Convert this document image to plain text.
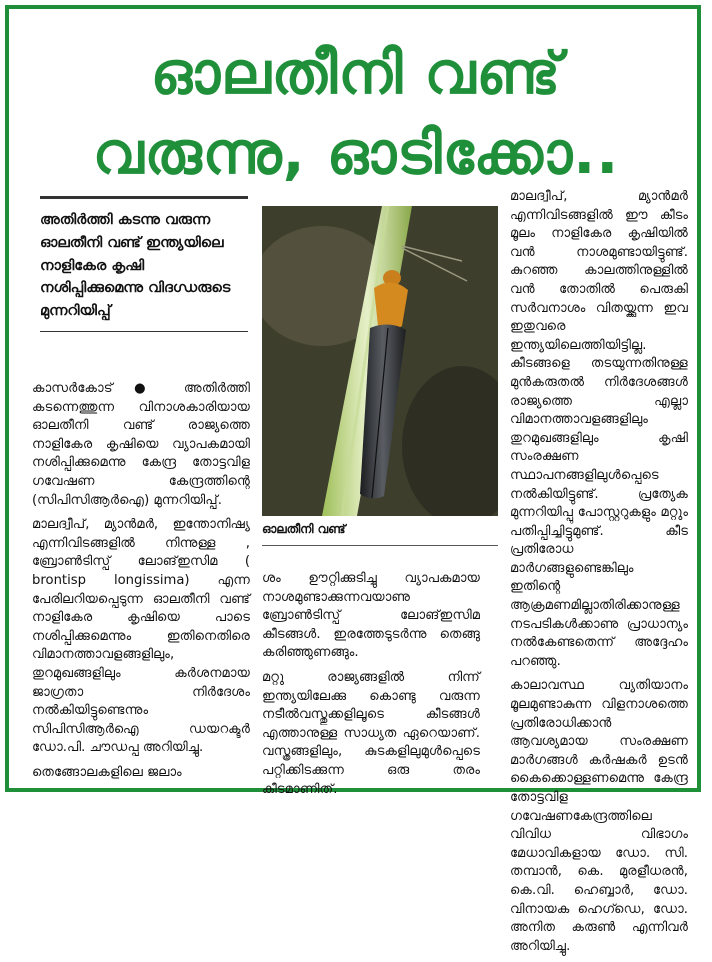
ഓലതീനി വണ്ട്
വരുന്നു, ഓടിക്കോ..

അതിർത്തി കടന്നു വരുന്ന ഓലതീനി വണ്ട് ഇന്ത്യയിലെ നാളികേര കൃഷി നശിപ്പിക്കുമെന്നു വിദഗ്ധരുടെ മുന്നറിയിപ്പ്

കാസർകോട് ● അതിർത്തി കടന്നെത്തുന്ന വിനാശകാരിയായ ഓലതീനി വണ്ട് രാജ്യത്തെ നാളികേര കൃഷിയെ വ്യാപകമായി നശിപ്പിക്കുമെന്നു കേന്ദ്ര തോട്ടവിള ഗവേഷണ കേന്ദ്രത്തിന്റെ (സിപിസിആർഐ) മുന്നറിയിപ്പ്.

മാലദ്വീപ്, മ്യാൻമർ, ഇന്തോനിഷ്യ എന്നിവിടങ്ങളിൽ നിന്നുള്ള , ബ്രോൺടിസ്പ് ലോങ്ഇസിമ ( brontisp longissima) എന്ന പേരിലറിയപ്പെടുന്ന ഓലതീനി വണ്ട് നാളികേര കൃഷിയെ പാടെ നശിപ്പിക്കുമെന്നും ഇതിനെതിരെ വിമാനത്താവളങ്ങളിലും, തുറമുഖങ്ങളിലും കർശനമായ ജാഗ്രതാ നിർദേശം നൽകിയിട്ടുണ്ടെന്നും സിപിസിആർഐ ഡയറക്ടർ ഡോ.പി. ചൗഡപ്പ അറിയിച്ചു.

തെങ്ങോലകളിലെ ജലാം

ഓലതീനി വണ്ട്

ശം ഊറ്റിക്കുടിച്ചു വ്യാപകമായ നാശമുണ്ടാക്കുന്നവയാണു ബ്രോൺടിസ്പ് ലോങ്ഇസിമ കീടങ്ങൾ. ഇരത്തേടുടർന്നു തെങ്ങു കരിഞ്ഞുണങ്ങും.

മറ്റു രാജ്യങ്ങളിൽ നിന്ന് ഇന്ത്യയിലേക്കു കൊണ്ടു വരുന്ന നടീൽവസ്തുക്കളിലൂടെ കീടങ്ങൾ എത്താനുള്ള സാധ്യത ഏറെയാണ്. വസ്ത്രങ്ങളിലും, കുടകളിലുമുൾപ്പെടെ പറ്റിക്കിടക്കുന്ന ഒരു തരം കീടമാണിത്.

മാലദ്വീപ്, മ്യാൻമർ എന്നിവിടങ്ങളിൽ ഈ കീടം മൂലം നാളികേര കൃഷിയിൽ വൻ നാശമുണ്ടായിട്ടുണ്ട്. കുറഞ്ഞ കാലത്തിനുള്ളിൽ വൻ തോതിൽ പെരുകി സർവനാശം വിതയ്ക്കുന്ന ഇവ ഇതുവരെ ഇന്ത്യയിലെത്തിയിട്ടില്ല. കീടങ്ങളെ തടയുന്നതിനുള്ള മുൻകരുതൽ നിർദേശങ്ങൾ രാജ്യത്തെ എല്ലാ വിമാനത്താവളങ്ങളിലും തുറമുഖങ്ങളിലും കൃഷി സംരക്ഷണ സ്ഥാപനങ്ങളിലുൾപ്പെടെ നൽകിയിട്ടുണ്ട്. പ്രത്യേക മുന്നറിയിപ്പു പോസ്റ്ററുകളും മറ്റും പതിപ്പിച്ചിട്ടുമുണ്ട്. കീട പ്രതിരോധ മാർഗങ്ങളുണ്ടെങ്കിലും ഇതിന്റെ ആക്രമണമില്ലാതിരിക്കാനുള്ള നടപടികൾക്കാണു പ്രാധാന്യം നൽകേണ്ടതെന്ന് അദ്ദേഹം പറഞ്ഞു.

കാലാവസ്ഥ വ്യതിയാനം മൂലമുണ്ടാകുന്ന വിളനാശത്തെ പ്രതിരോധിക്കാൻ ആവശ്യമായ സംരക്ഷണ മാർഗങ്ങൾ കർഷകർ ഉടൻ കൈക്കൊള്ളണമെന്നു കേന്ദ്ര തോട്ടവിള ഗവേഷണകേന്ദ്രത്തിലെ വിവിധ വിഭാഗം മേധാവികളായ ഡോ. സി. തമ്പാൻ, കെ. മുരളീധരൻ, കെ.വി. ഹെബ്ബാർ, ഡോ. വിനായക ഹെഗ്ഡെ, ഡോ. അനിത കരുൺ എന്നിവർ അറിയിച്ചു.
